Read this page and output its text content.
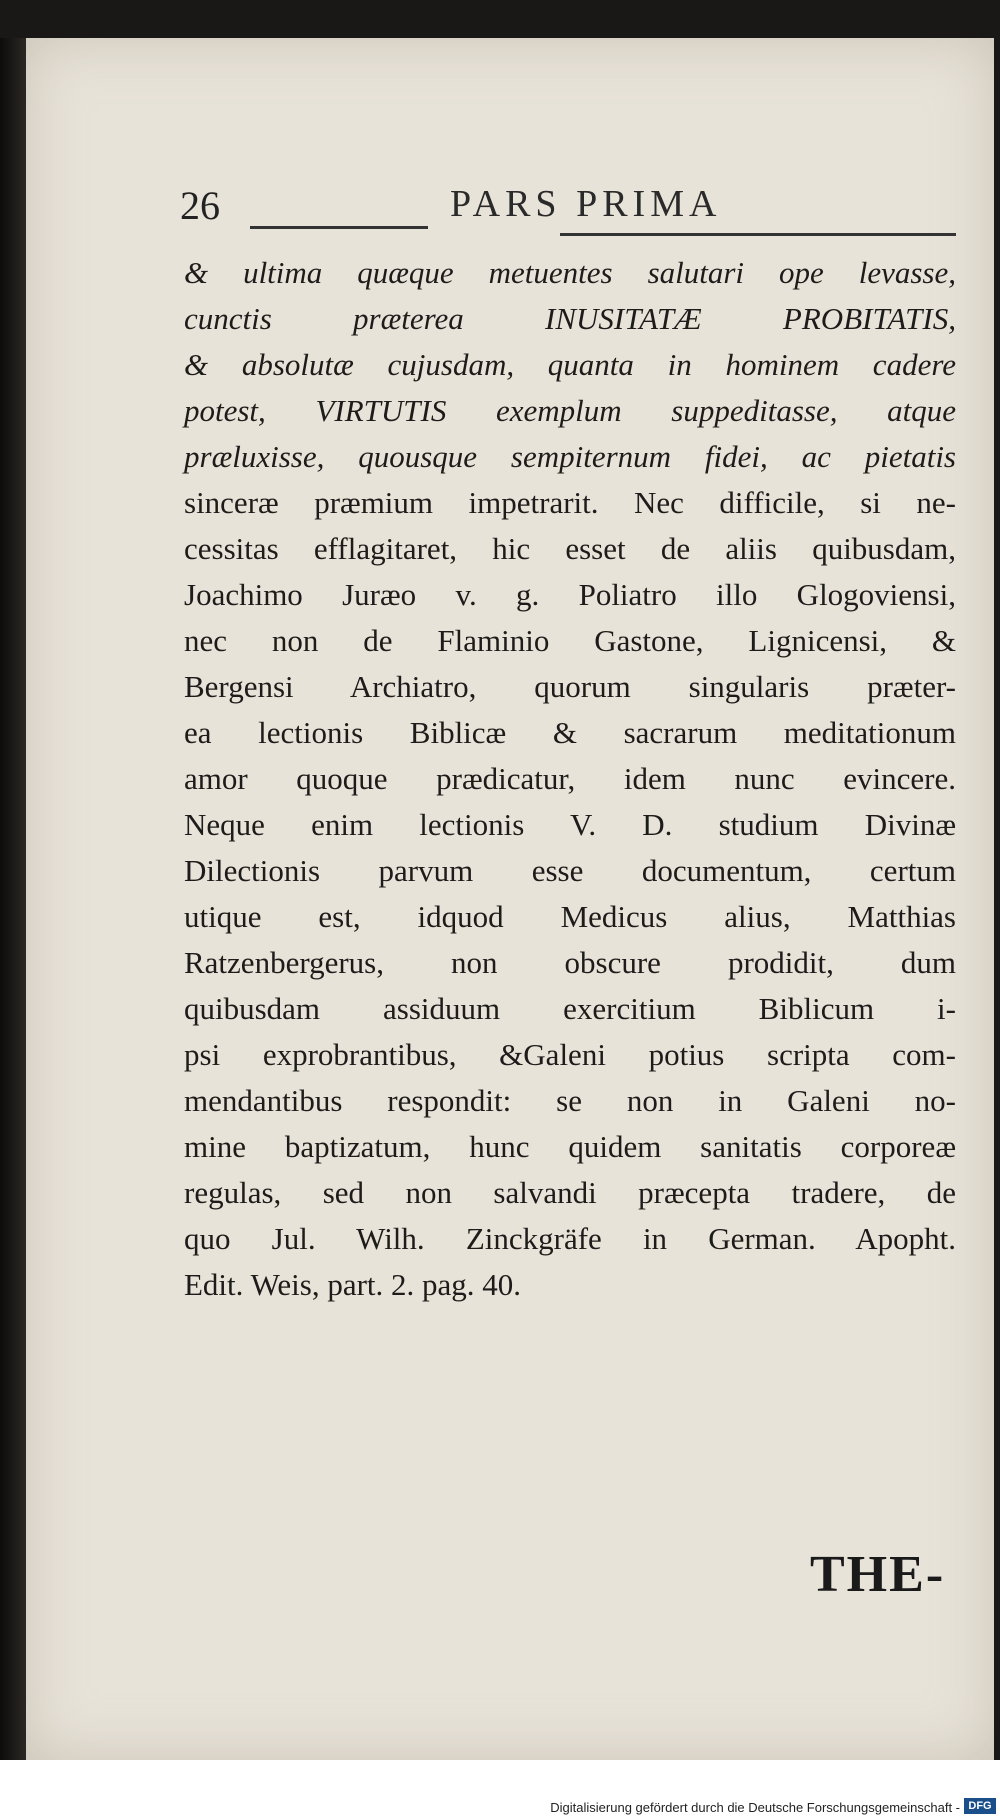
26	PARS PRIMA
& ultima quæque metuentes salutari ope levasse,
cunctis præterea INUSITATÆ PROBITATIS,
& absolutæ cujusdam, quanta in hominem cadere
potest, VIRTUTIS exemplum suppeditasse, atque
præluxisse, quousque sempiternum fidei, ac pietatis
sinceræ præmium impetrarit. Nec difficile, si ne-
cessitas efflagitaret, hic esset de aliis quibusdam,
Joachimo Juræo v. g. Poliatro illo Glogoviensi,
nec non de Flaminio Gastone, Lignicensi, &
Bergensi Archiatro, quorum singularis præter-
ea lectionis Biblicæ & sacrarum meditationum
amor quoque prædicatur, idem nunc evincere.
Neque enim lectionis V. D. studium Divinæ
Dilectionis parvum esse documentum, certum
utique est, idquod Medicus alius, Matthias
Ratzenbergerus, non obscure prodidit, dum
quibusdam assiduum exercitium Biblicum i-
psi exprobrantibus, &Galeni potius scripta com-
mendantibus respondit: se non in Galeni no-
mine baptizatum, hunc quidem sanitatis corporeæ
regulas, sed non salvandi præcepta tradere, de
quo Jul. Wilh. Zinckgräfe in German. Apopht.
Edit. Weis, part. 2. pag. 40.
THE-
Digitalisierung gefördert durch die Deutsche Forschungsgemeinschaft - DFG
